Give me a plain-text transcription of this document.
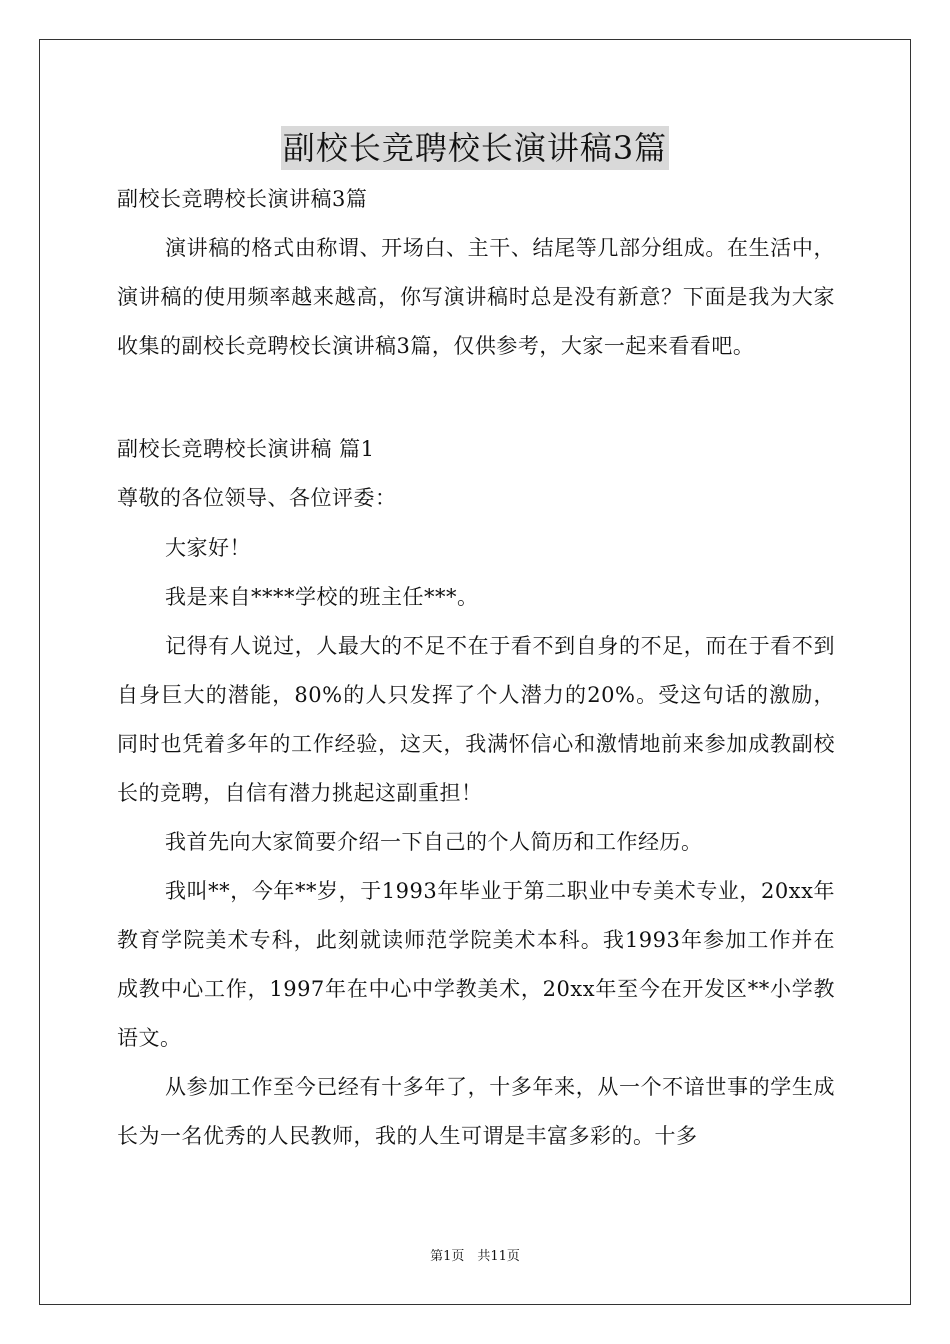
副校长竞聘校长演讲稿3篇
副校长竞聘校长演讲稿3篇

演讲稿的格式由称谓、开场白、主干、结尾等几部分组成。在生活中，演讲稿的使用频率越来越高，你写演讲稿时总是没有新意？下面是我为大家收集的副校长竞聘校长演讲稿3篇，仅供参考，大家一起来看看吧。

副校长竞聘校长演讲稿 篇1
尊敬的各位领导、各位评委：

大家好！

我是来自****学校的班主任***。

记得有人说过，人最大的不足不在于看不到自身的不足，而在于看不到自身巨大的潜能，80%的人只发挥了个人潜力的20%。受这句话的激励，同时也凭着多年的工作经验，这天，我满怀信心和激情地前来参加成教副校长的竞聘，自信有潜力挑起这副重担！

我首先向大家简要介绍一下自己的个人简历和工作经历。

我叫**，今年**岁，于1993年毕业于第二职业中专美术专业，20xx年教育学院美术专科，此刻就读师范学院美术本科。我1993年参加工作并在成教中心工作，1997年在中心中学教美术，20xx年至今在开发区**小学教语文。

从参加工作至今已经有十多年了，十多年来，从一个不谙世事的学生成长为一名优秀的人民教师，我的人生可谓是丰富多彩的。十多

第1页　共11页
